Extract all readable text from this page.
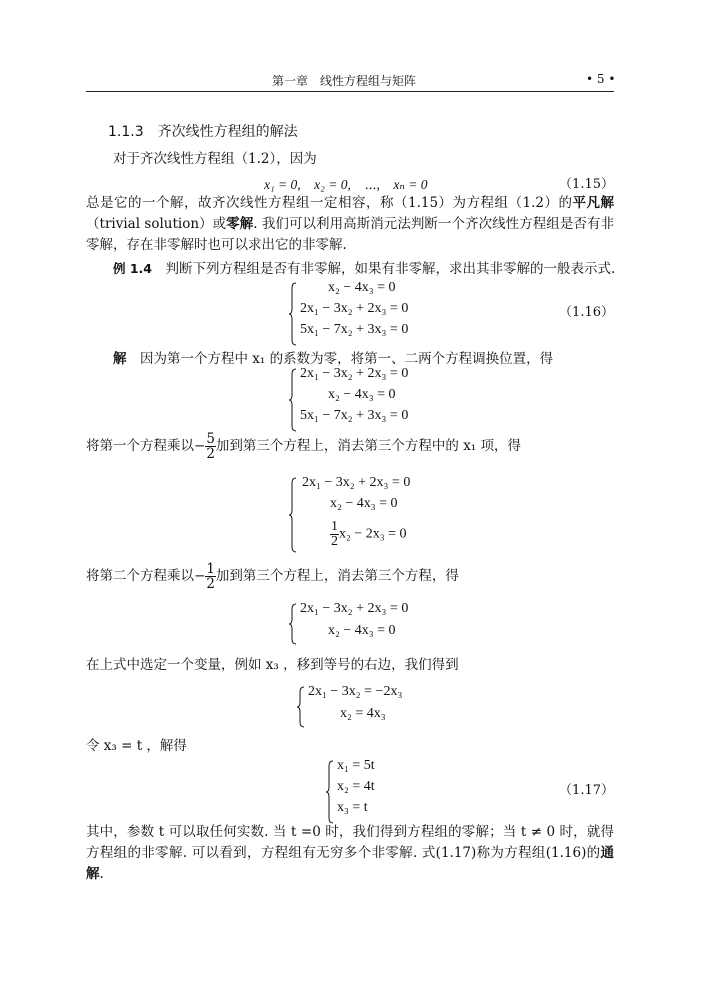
第一章　线性方程组与矩阵	• 5 •
1.1.3 齐次线性方程组的解法
对于齐次线性方程组（1.2），因为
x₁ = 0,　x₂ = 0,　⋯,　xₙ = 0	（1.15）
总是它的一个解，故齐次线性方程组一定相容，称（1.15）为方程组（1.2）的平凡解（trivial solution）或零解. 我们可以利用高斯消元法判断一个齐次线性方程组是否有非零解，存在非零解时也可以求出它的非零解.
例 1.4　 判断下列方程组是否有非零解，如果有非零解，求出其非零解的一般表示式.
x₂ − 4x₃ = 0
2x₁ − 3x₂ + 2x₃ = 0
5x₁ − 7x₂ + 3x₃ = 0
（1.16）
解　 因为第一个方程中 x₁ 的系数为零，将第一、二两个方程调换位置，得
2x₁ − 3x₂ + 2x₃ = 0
x₂ − 4x₃ = 0
5x₁ − 7x₂ + 3x₃ = 0
将第一个方程乘以− $\frac{5}{2}$ 加到第三个方程上，消去第三个方程中的 x₁ 项，得
2x₁ − 3x₂ + 2x₃ = 0
x₂ − 4x₃ = 0
$\frac{1}{2} x_2 - 2x_3 = 0$
将第二个方程乘以− $\frac{1}{2}$ 加到第三个方程上，消去第三个方程，得
2x₁ − 3x₂ + 2x₃ = 0
x₂ − 4x₃ = 0
在上式中选定一个变量，例如 x₃ ，移到等号的右边，我们得到
2x₁ − 3x₂ = −2x₃
x₂ = 4x₃
令 x₃ = t ，解得
x₁ = 5t
x₂ = 4t
x₃ = t
（1.17）
其中，参数 t 可以取任何实数. 当 t =0 时，我们得到方程组的零解；当 t ≠ 0 时，就得方程组的非零解. 可以看到，方程组有无穷多个非零解. 式(1.17)称为方程组(1.16)的通解.
